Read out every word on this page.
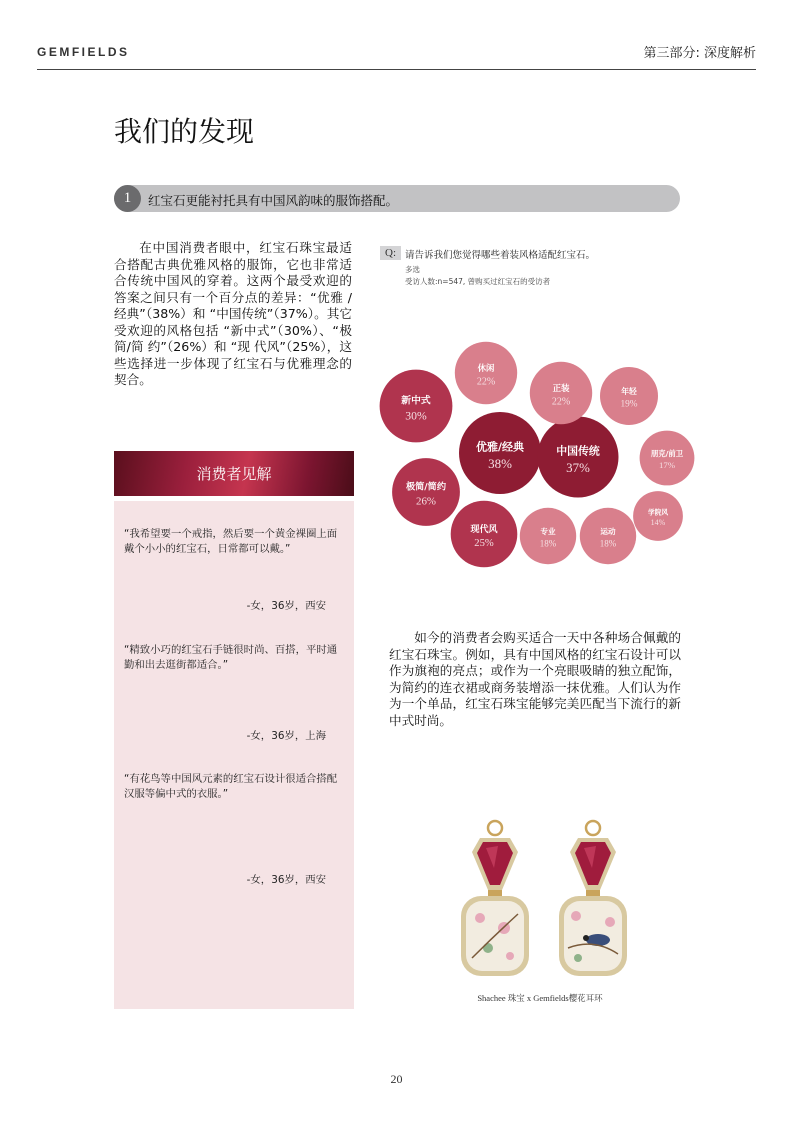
GEMFIELDS	第三部分: 深度解析
我们的发现
1	红宝石更能衬托具有中国风韵味的服饰搭配。

在中国消费者眼中，红宝石珠宝最适合搭配古典优雅风格的服饰，它也非常适合传统中国风的穿着。这两个最受欢迎的答案之间只有一个百分点的差异：“优雅 / 经典”（38%）和 “中国传统”（37%）。其它受欢迎的风格包括 “新中式”（30%）、“极 简/简 约”（26%）和 “现 代风”（25%），这些选择进一步体现了红宝石与优雅理念的契合。

消费者见解

“我希望要一个戒指，然后要一个黄金裸圈上面戴个小小的红宝石，日常都可以戴。”

-女，36岁，西安

“精致小巧的红宝石手链很时尚、百搭，平时通勤和出去逛街都适合。”

-女，36岁，上海

“有花鸟等中国风元素的红宝石设计很适合搭配汉服等偏中式的衣服。”

-女，36岁，西安

Q: 请告诉我们您觉得哪些着装风格适配红宝石。
多选
受访人数:n=547, 曾购买过红宝石的受访者
优雅/经典
38%
中国传统
37%
新中式
30%
极简/简约
26%
现代风
25%
休闲
22%
正装
22%
年轻
19%
专业
18%
运动
18%
朋克/前卫
17%
学院风
14%

如今的消费者会购买适合一天中各种场合佩戴的红宝石珠宝。例如，具有中国风格的红宝石设计可以作为旗袍的亮点；或作为一个亮眼吸睛的独立配饰，为简约的连衣裙或商务装增添一抹优雅。人们认为作为一个单品，红宝石珠宝能够完美匹配当下流行的新中式时尚。

Shachee 珠宝 x Gemfields樱花耳环
20
